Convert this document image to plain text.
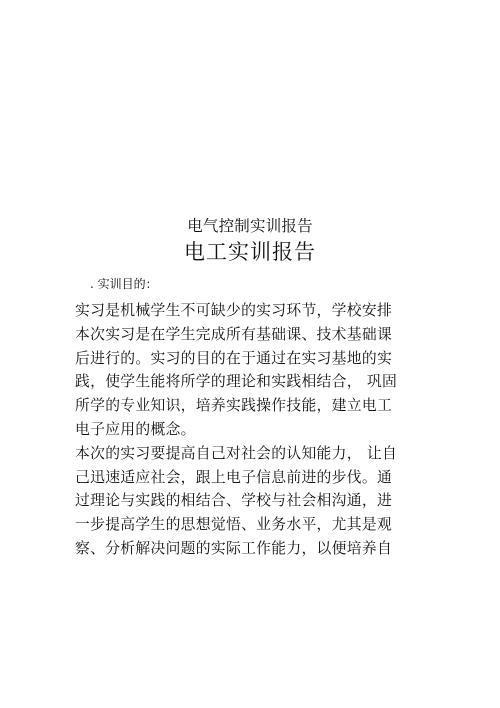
电气控制实训报告
电工实训报告
. 实训目的：
实习是机械学生不可缺少的实习环节，学校安排
本次实习是在学生完成所有基础课、技术基础课
后进行的。实习的目的在于通过在实习基地的实
践，使学生能将所学的理论和实践相结合， 巩固
所学的专业知识，培养实践操作技能，建立电工
电子应用的概念。
本次的实习要提高自己对社会的认知能力， 让自
己迅速适应社会，跟上电子信息前进的步伐。通
过理论与实践的相结合、学校与社会相沟通，进
一步提高学生的思想觉悟、业务水平，尤其是观
察、分析解决问题的实际工作能力，以便培养自
